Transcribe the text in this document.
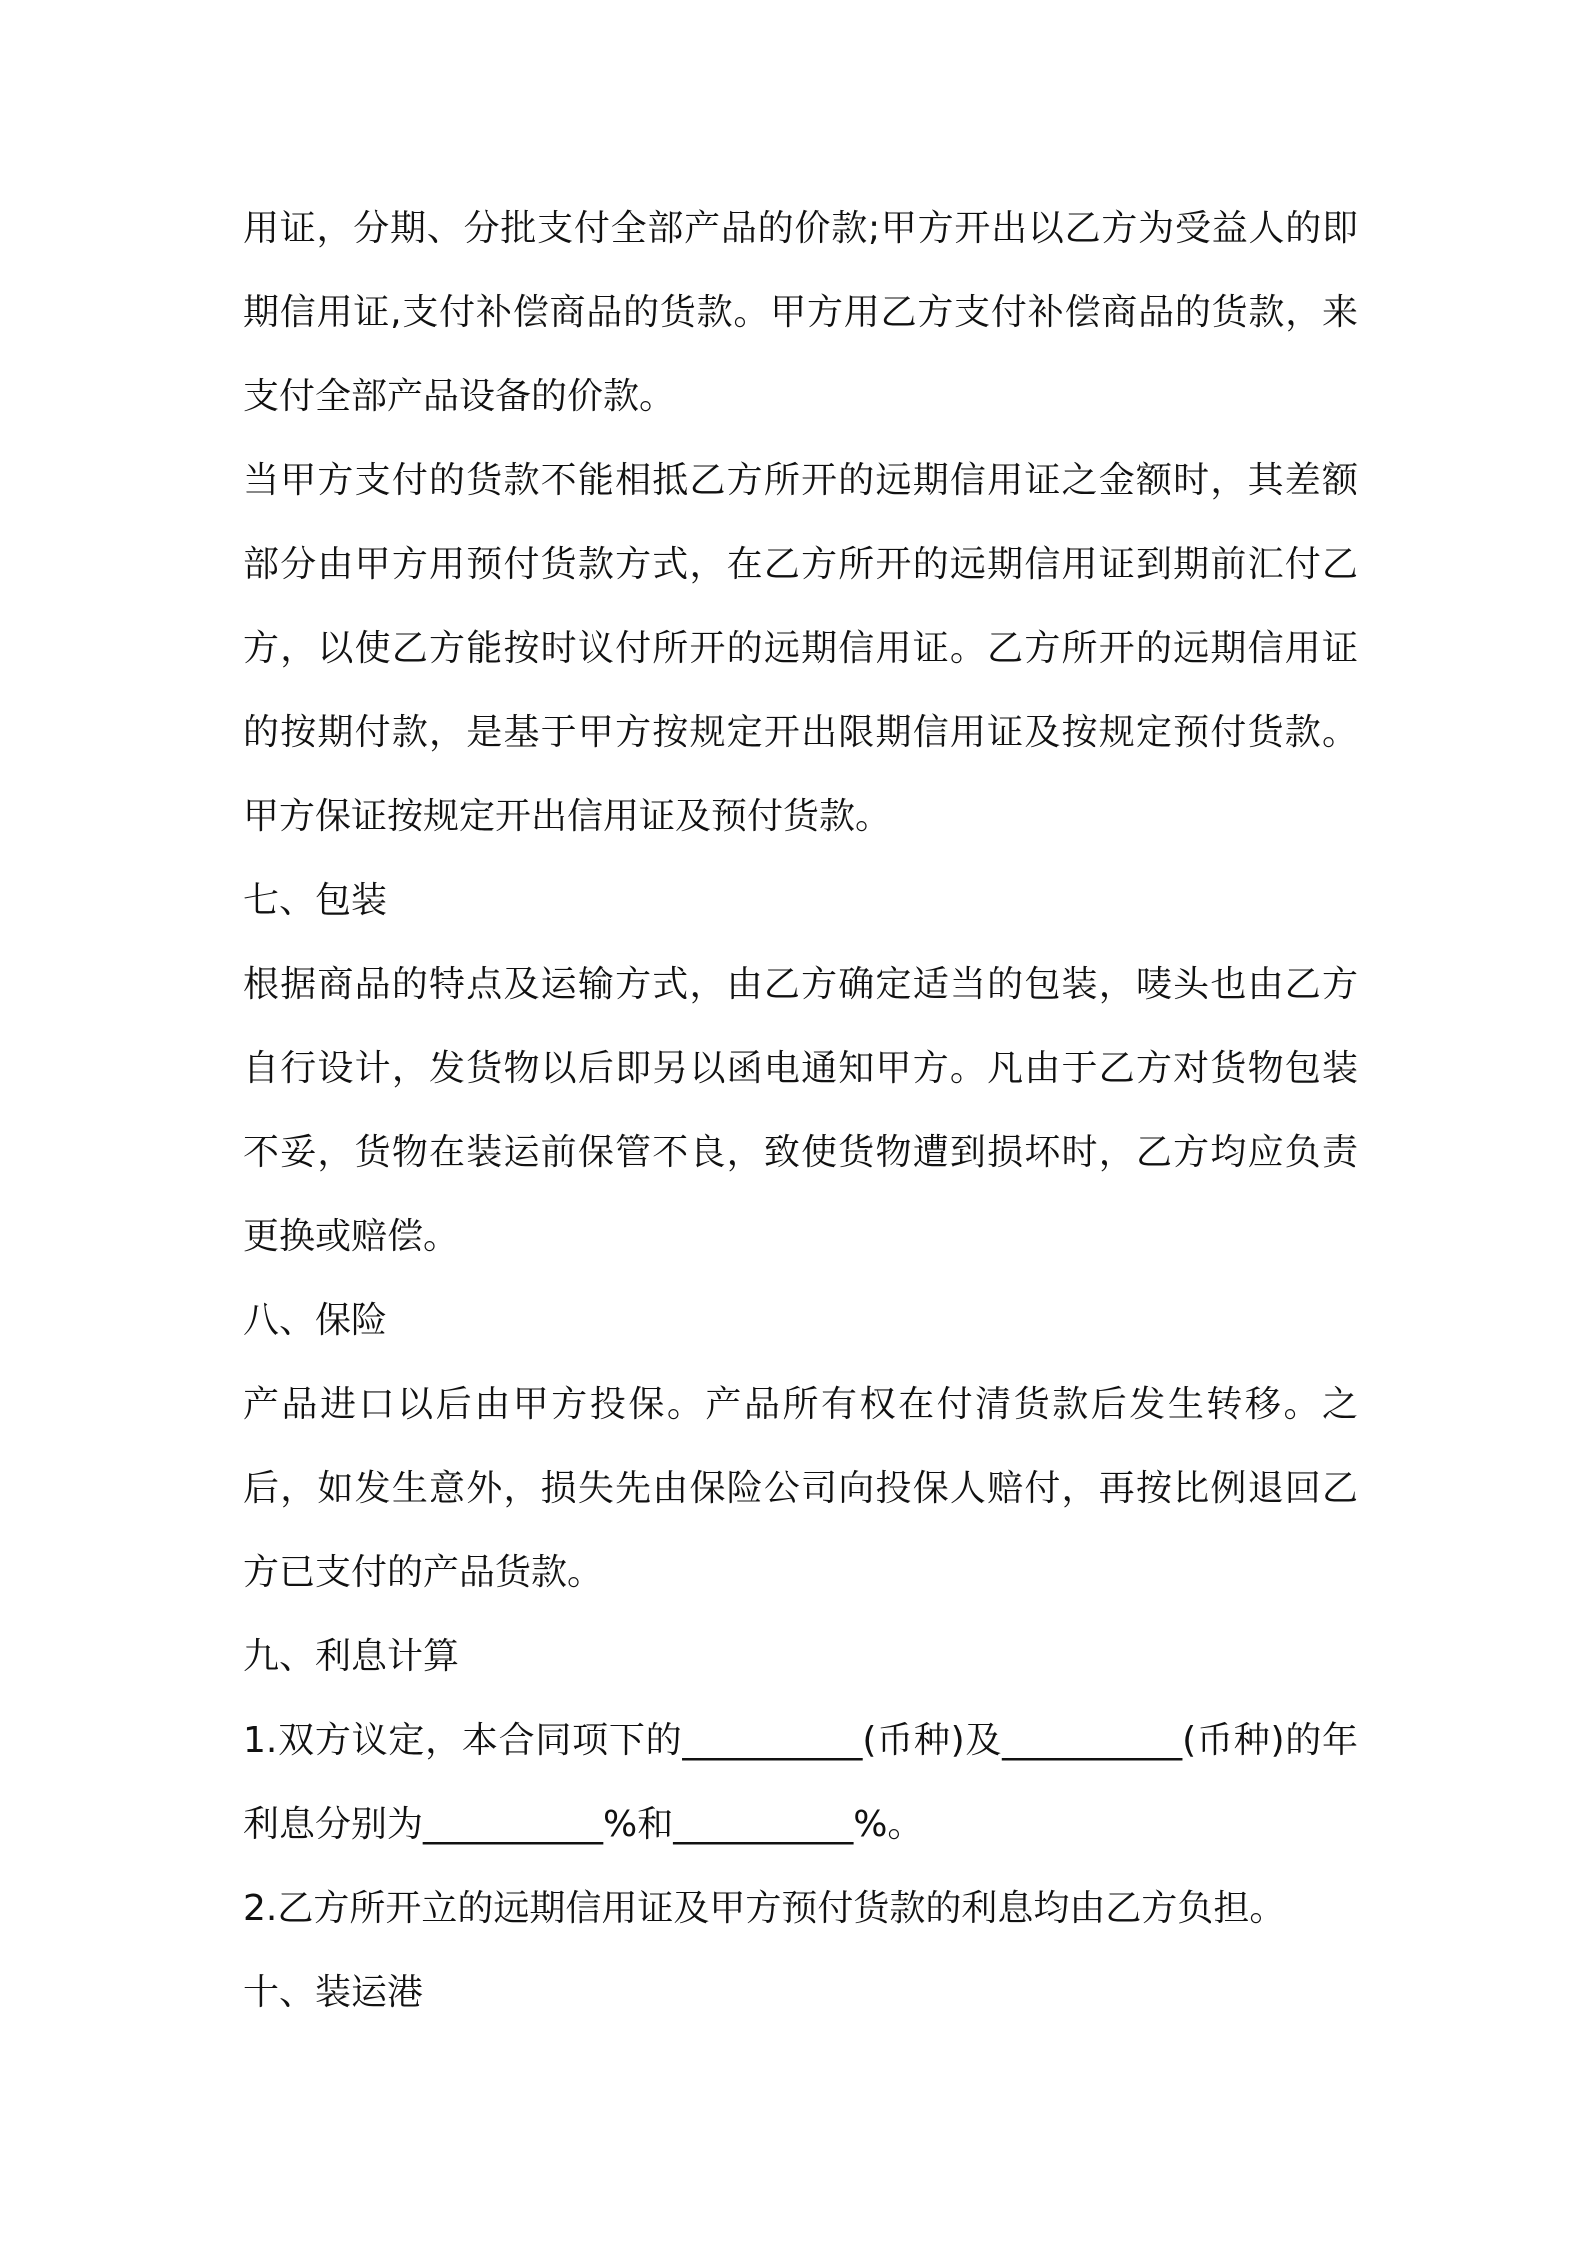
用证，分期、分批支付全部产品的价款;甲方开出以乙方为受益人的即期信用证,支付补偿商品的货款。甲方用乙方支付补偿商品的货款，来支付全部产品设备的价款。

当甲方支付的货款不能相抵乙方所开的远期信用证之金额时，其差额部分由甲方用预付货款方式，在乙方所开的远期信用证到期前汇付乙方，以使乙方能按时议付所开的远期信用证。乙方所开的远期信用证的按期付款，是基于甲方按规定开出限期信用证及按规定预付货款。甲方保证按规定开出信用证及预付货款。

七、包装

根据商品的特点及运输方式，由乙方确定适当的包装，唛头也由乙方自行设计，发货物以后即另以函电通知甲方。凡由于乙方对货物包装不妥，货物在装运前保管不良，致使货物遭到损坏时，乙方均应负责更换或赔偿。

八、保险

产品进口以后由甲方投保。产品所有权在付清货款后发生转移。之后，如发生意外，损失先由保险公司向投保人赔付，再按比例退回乙方已支付的产品货款。

九、利息计算

1.双方议定，本合同项下的__________(币种)及__________(币种)的年利息分别为__________%和__________%。

2.乙方所开立的远期信用证及甲方预付货款的利息均由乙方负担。

十、装运港
